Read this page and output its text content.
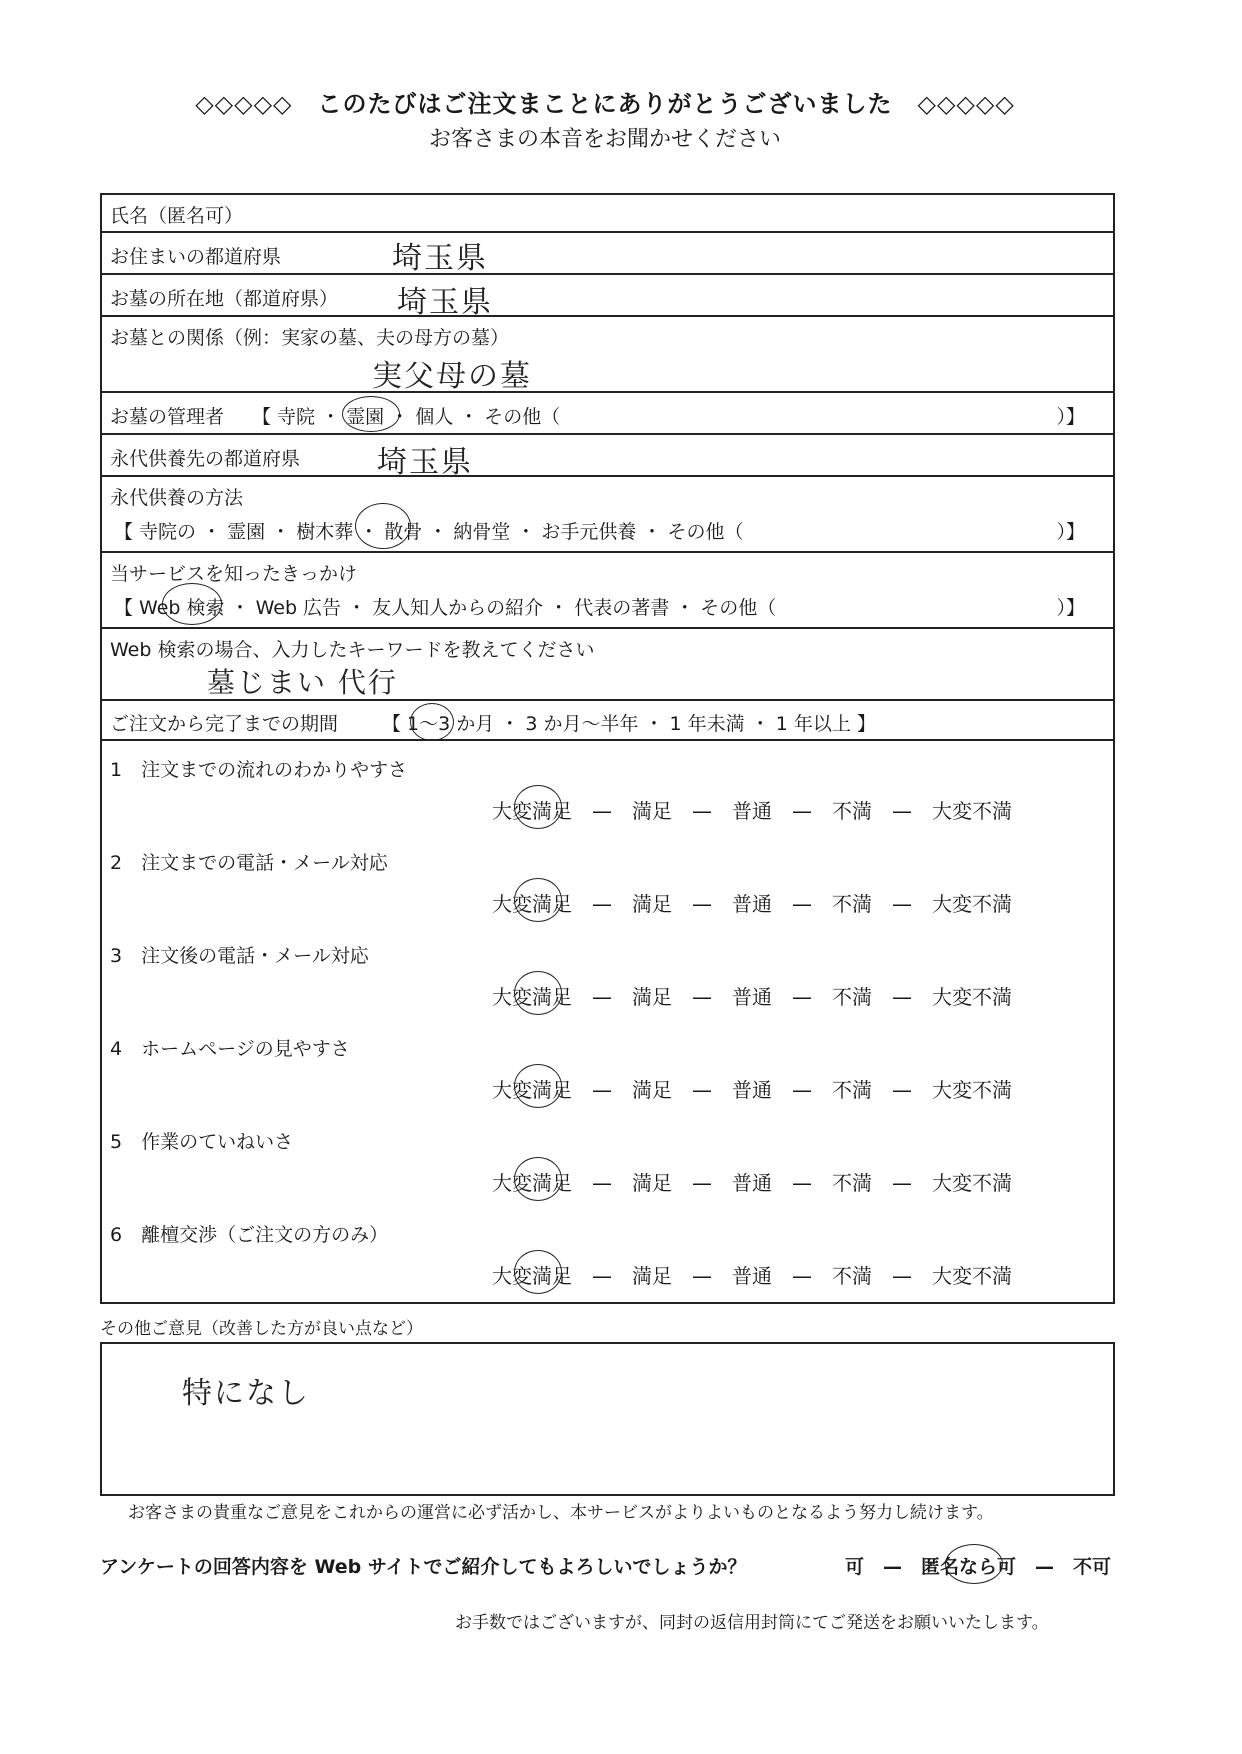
◇◇◇◇◇　このたびはご注文まことにありがとうございました　◇◇◇◇◇
お客さまの本音をお聞かせください
氏名（匿名可）
お住まいの都道府県	埼玉県
お墓の所在地（都道府県） 埼玉県
お墓との関係（例：実家の墓、夫の母方の墓）
実父母の墓
お墓の管理者 【 寺院 ・ 霊園 ・ 個人 ・ その他（	）】
永代供養先の都道府県	埼玉県
永代供養の方法
【 寺院の ・ 霊園 ・ 樹木葬 ・ 散骨 ・ 納骨堂 ・ お手元供養 ・ その他（	）】
当サービスを知ったきっかけ
【 Web 検索 ・ Web 広告 ・ 友人知人からの紹介 ・ 代表の著書 ・ その他（	）】
Web 検索の場合、入力したキーワードを教えてください
墓じまい 代行
ご注文から完了までの期間 【 1〜3 か月 ・ 3 か月〜半年 ・ 1 年未満 ・ 1 年以上 】
1　注文までの流れのわかりやすさ
大変満足 — 満足 — 普通 — 不満 — 大変不満
2　注文までの電話・メール対応
大変満足 — 満足 — 普通 — 不満 — 大変不満
3　注文後の電話・メール対応
大変満足 — 満足 — 普通 — 不満 — 大変不満
4　ホームページの見やすさ
大変満足 — 満足 — 普通 — 不満 — 大変不満
5　作業のていねいさ
大変満足 — 満足 — 普通 — 不満 — 大変不満
6　離檀交渉（ご注文の方のみ）
大変満足 — 満足 — 普通 — 不満 — 大変不満
その他ご意見（改善した方が良い点など）
特になし
お客さまの貴重なご意見をこれからの運営に必ず活かし、本サービスがよりよいものとなるよう努力し続けます。
アンケートの回答内容を Web サイトでご紹介してもよろしいでしょうか？	可　—　匿名なら可　—　不可
お手数ではございますが、同封の返信用封筒にてご発送をお願いいたします。
